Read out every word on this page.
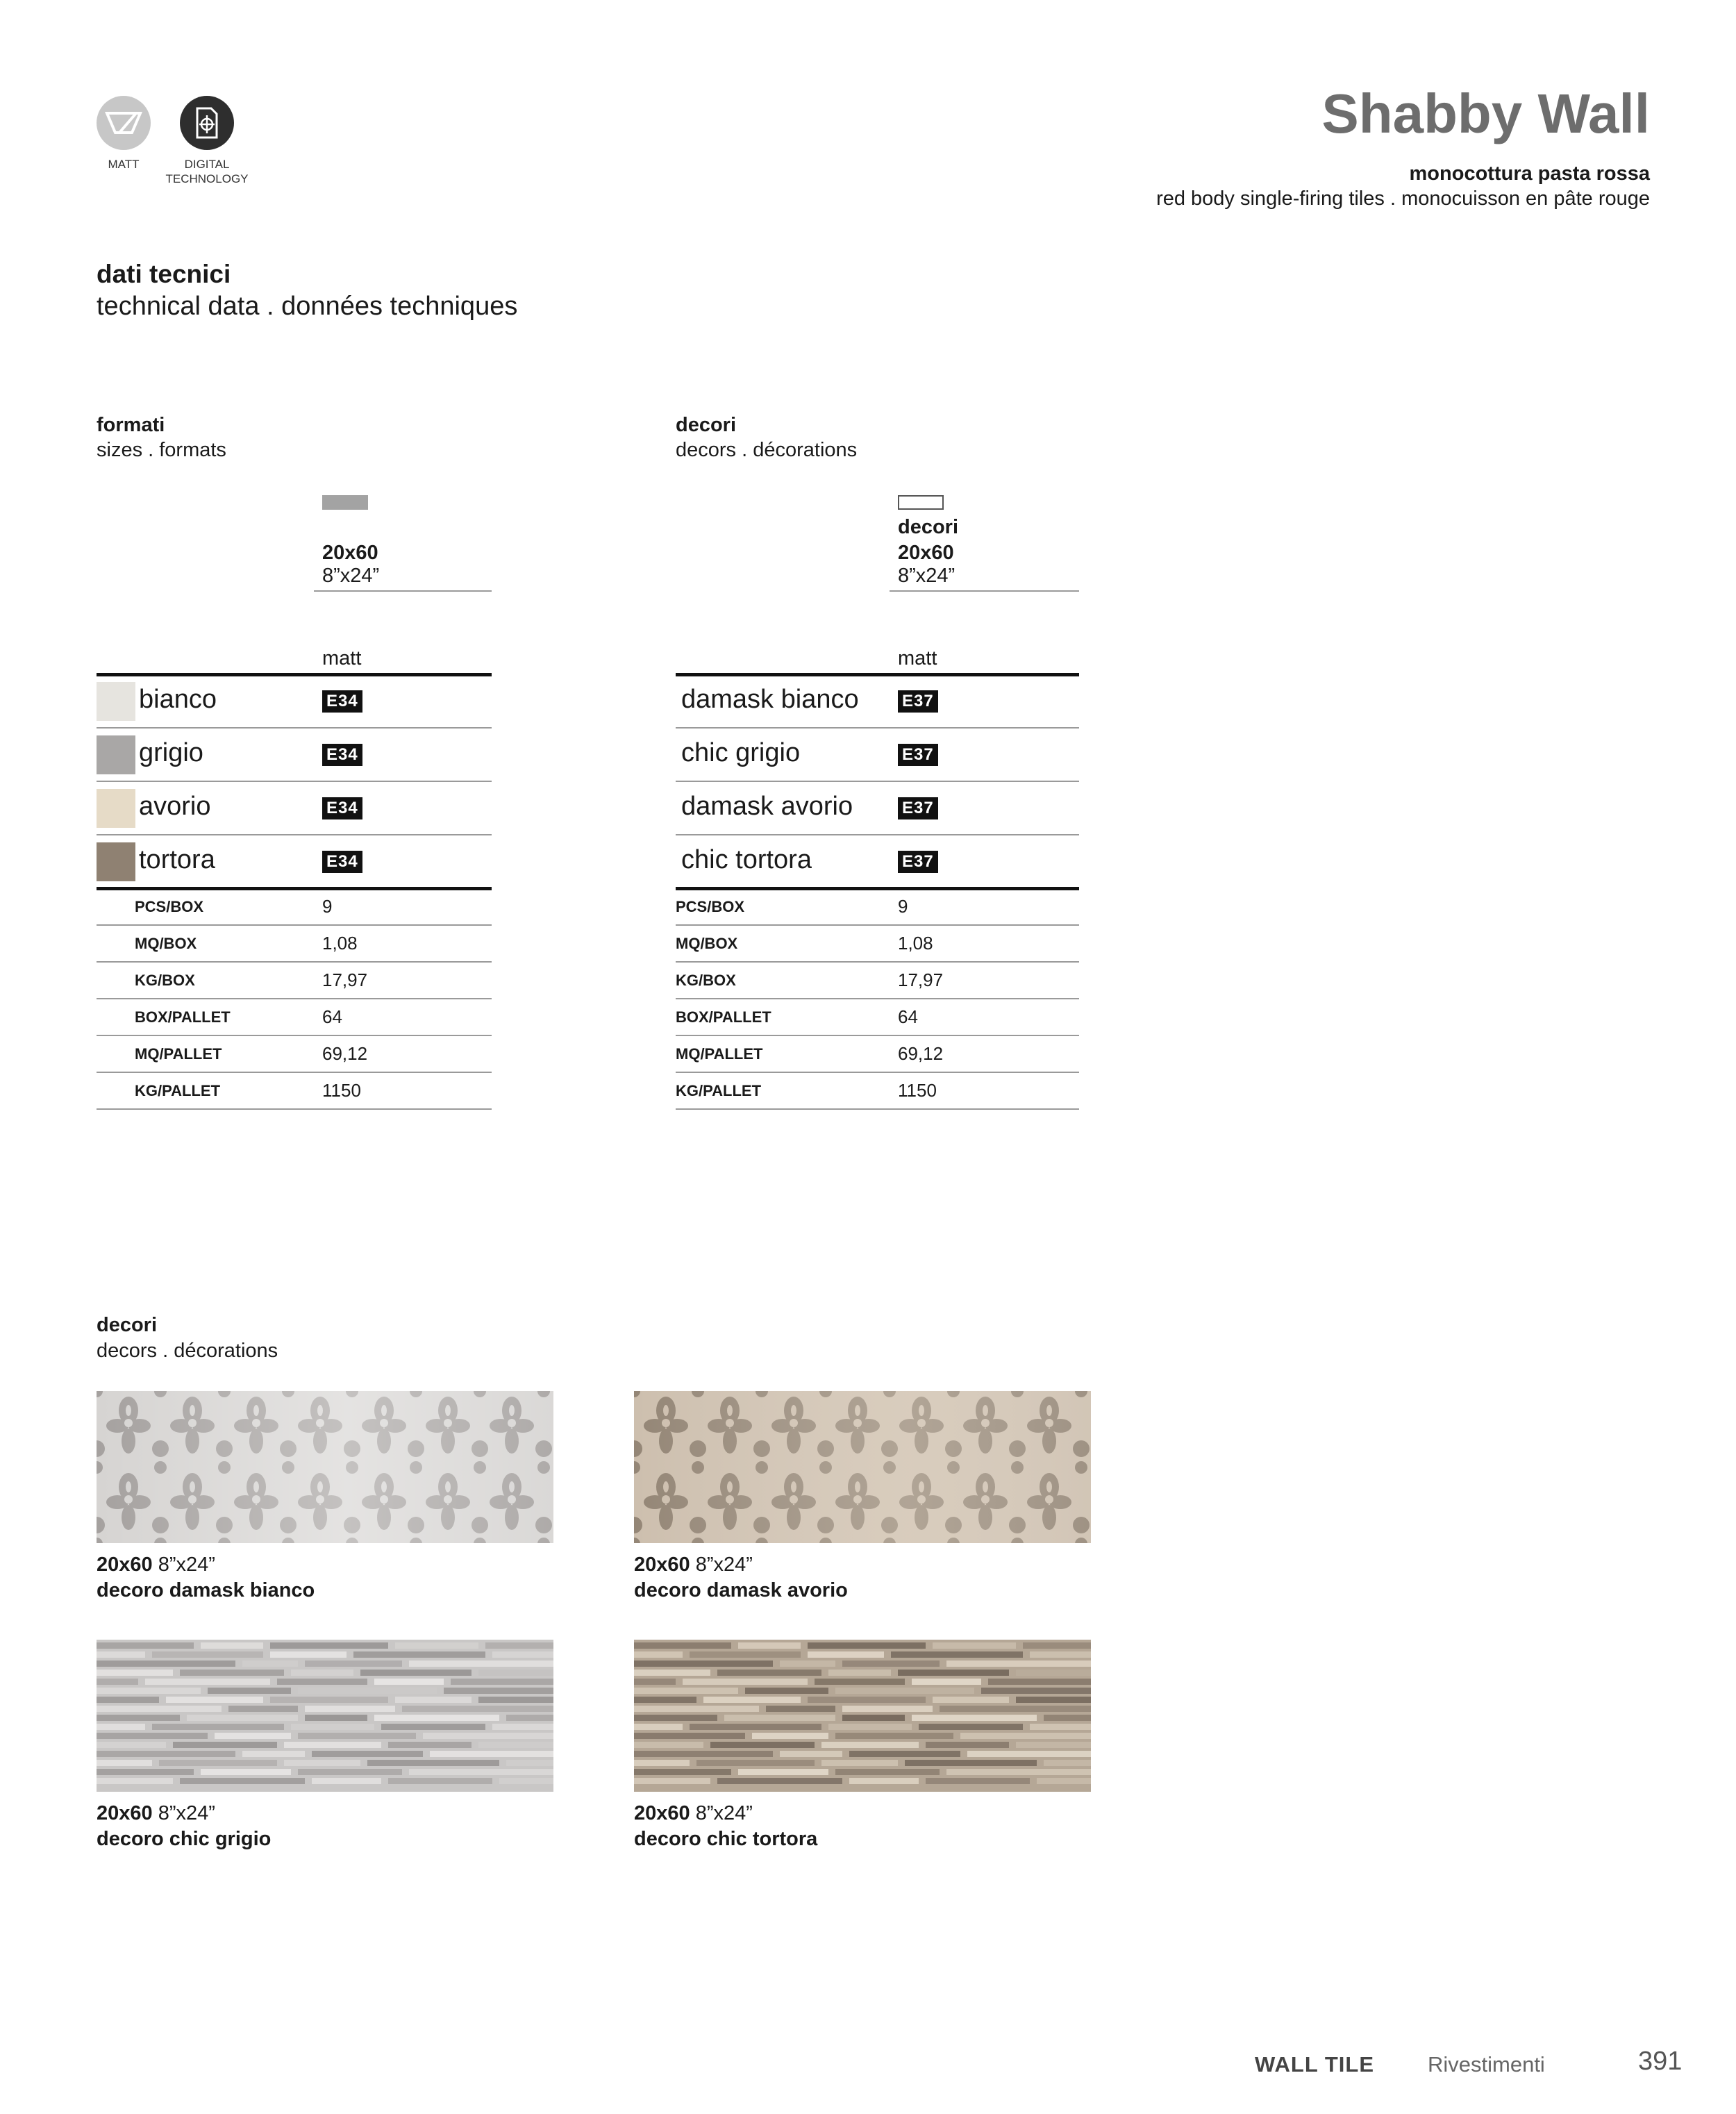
MATT	DIGITAL
TECHNOLOGY
Shabby Wall
monocottura pasta rossa
red body single-firing tiles . monocuisson en pâte rouge
dati tecnici
technical data . données techniques
formati
sizes . formats
20x60
8”x24”
matt
bianco	E34
grigio	E34
avorio	E34
tortora	E34
PCS/BOX	9
MQ/BOX	1,08
KG/BOX	17,97
BOX/PALLET	64
MQ/PALLET	69,12
KG/PALLET	1150
decori
decors . décorations
decori
20x60
8”x24”
matt
damask bianco	E37
chic grigio	E37
damask avorio	E37
chic tortora	E37
PCS/BOX	9
MQ/BOX	1,08
KG/BOX	17,97
BOX/PALLET	64
MQ/PALLET	69,12
KG/PALLET	1150
decori
decors . décorations
20x60 8”x24”
decoro damask bianco
20x60 8”x24”
decoro damask avorio
20x60 8”x24”
decoro chic grigio
20x60 8”x24”
decoro chic tortora
WALL TILE Rivestimenti	391
